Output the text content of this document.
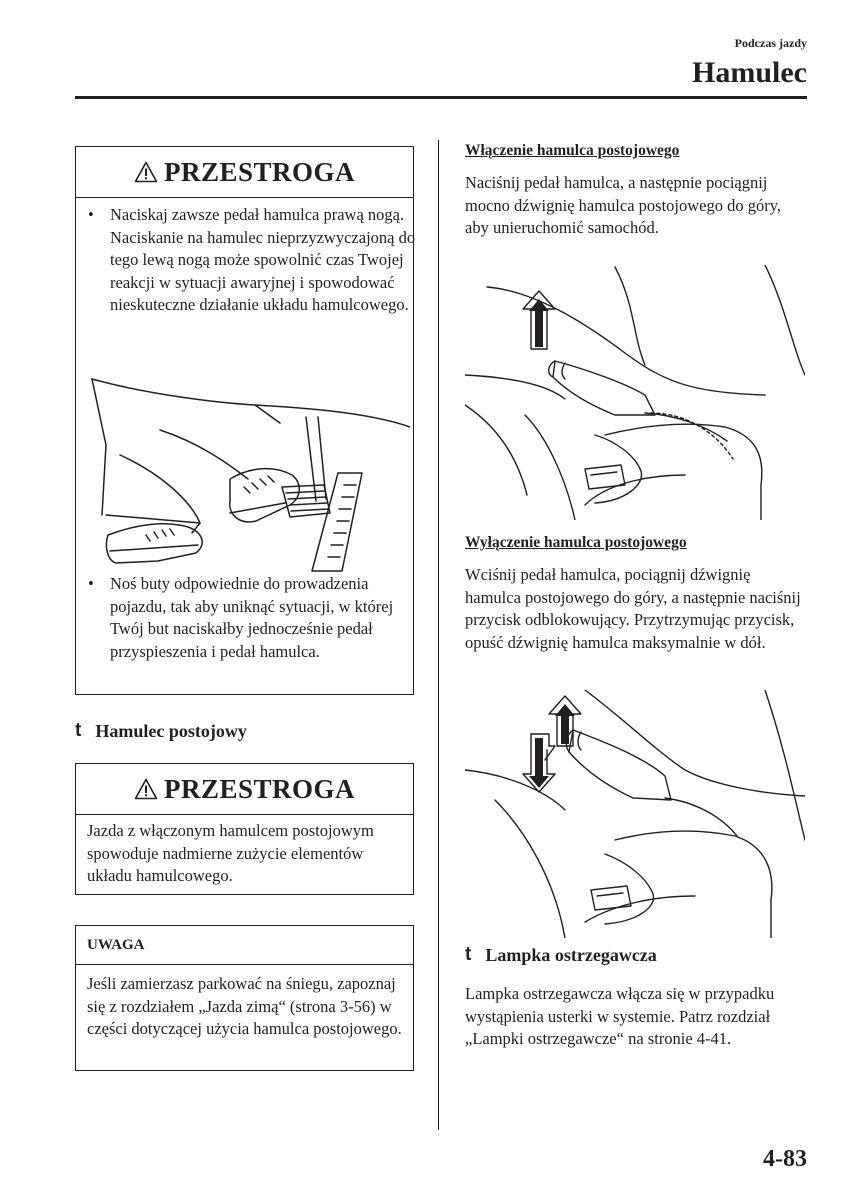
Podczas jazdy
Hamulec
PRZESTROGA
• Naciskaj zawsze pedał hamulca prawą nogą. Naciskanie na hamulec nieprzyzwyczajoną do tego lewą nogą może spowolnić czas Twojej reakcji w sytuacji awaryjnej i spowodować nieskuteczne działanie układu hamulcowego.
• Noś buty odpowiednie do prowadzenia pojazdu, tak aby uniknąć sytuacji, w której Twój but naciskałby jednocześnie pedał przyspieszenia i pedał hamulca.
t Hamulec postojowy
PRZESTROGA
Jazda z włączonym hamulcem postojowym spowoduje nadmierne zużycie elementów układu hamulcowego.
UWAGA
Jeśli zamierzasz parkować na śniegu, zapoznaj się z rozdziałem „Jazda zimą“ (strona 3-56) w części dotyczącej użycia hamulca postojowego.
Włączenie hamulca postojowego
Naciśnij pedał hamulca, a następnie pociągnij mocno dźwignię hamulca postojowego do góry, aby unieruchomić samochód.
Wyłączenie hamulca postojowego
Wciśnij pedał hamulca, pociągnij dźwignię hamulca postojowego do góry, a następnie naciśnij przycisk odblokowujący. Przytrzymując przycisk, opuść dźwignię hamulca maksymalnie w dół.
t Lampka ostrzegawcza
Lampka ostrzegawcza włącza się w przypadku wystąpienia usterki w systemie. Patrz rozdział „Lampki ostrzegawcze“ na stronie 4-41.
4-83
